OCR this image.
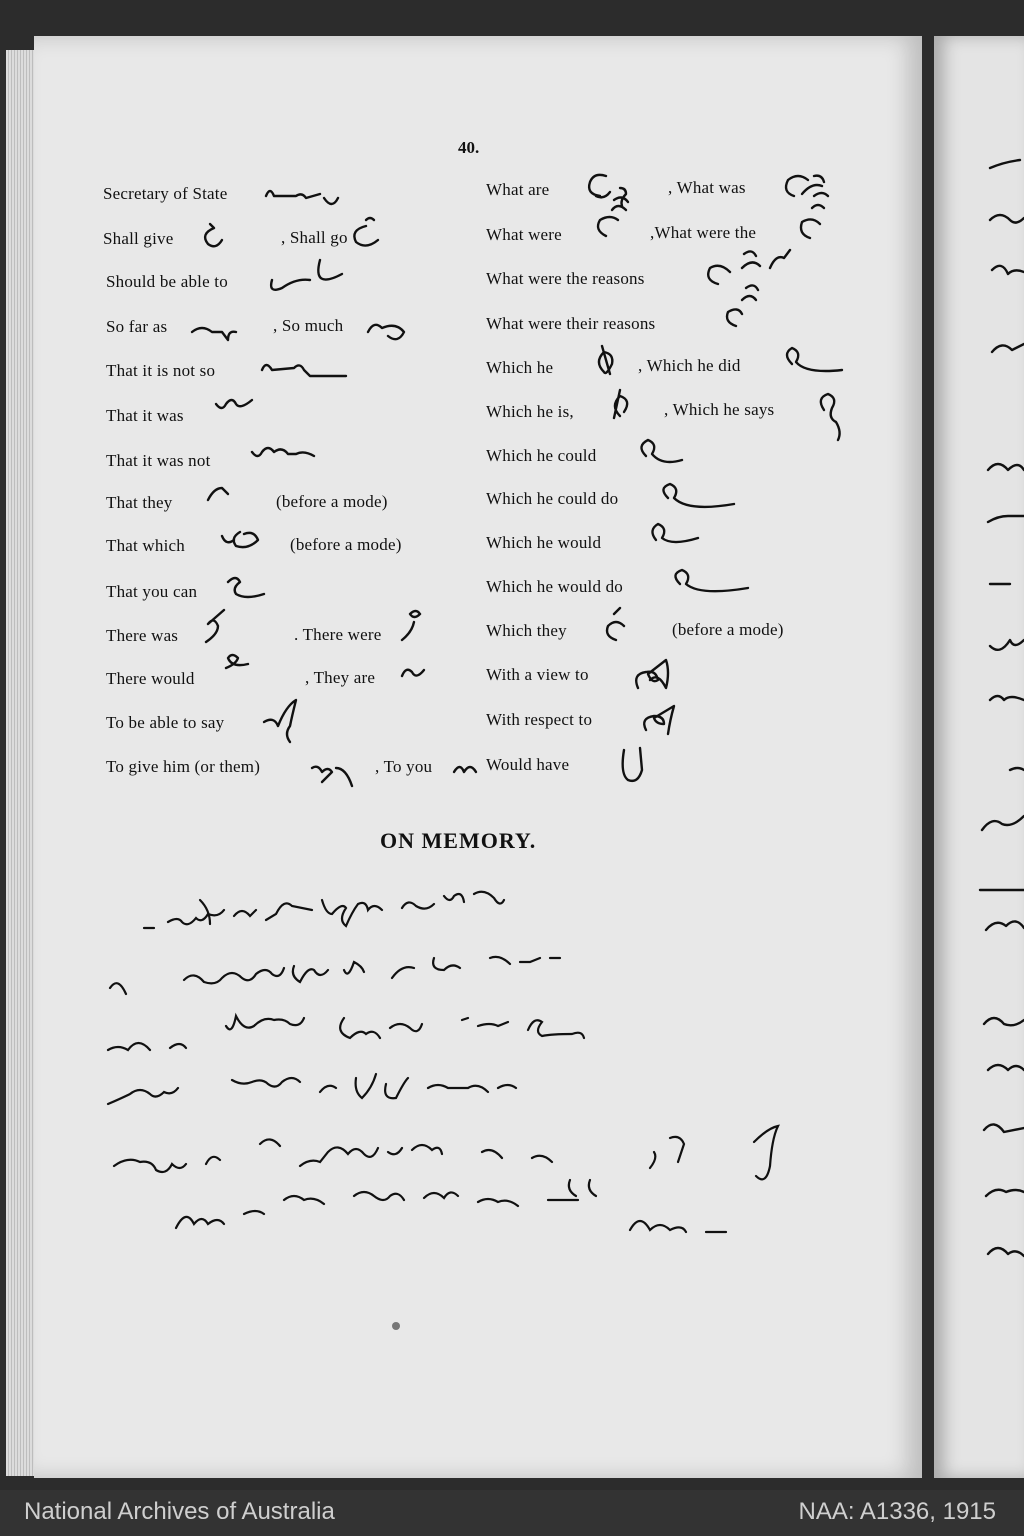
40.
Secretary of State
Shall give	, Shall go
Should be able to
So far as	, So much
That it is not so
That it was
That it was not
That they	(before a mode)
That which	(before a mode)
That you can
There was	. There were
There would	, They are
To be able to say
To give him (or them)	, To you
What are	, What was
What were	,What were the
What were the reasons
What were their reasons
Which he	, Which he did
Which he is,	, Which he says
Which he could
Which he could do
Which he would
Which he would do
Which they	(before a mode)
With a view to
With respect to
Would have
ON MEMORY.
National Archives of Australia	NAA: A1336, 1915
